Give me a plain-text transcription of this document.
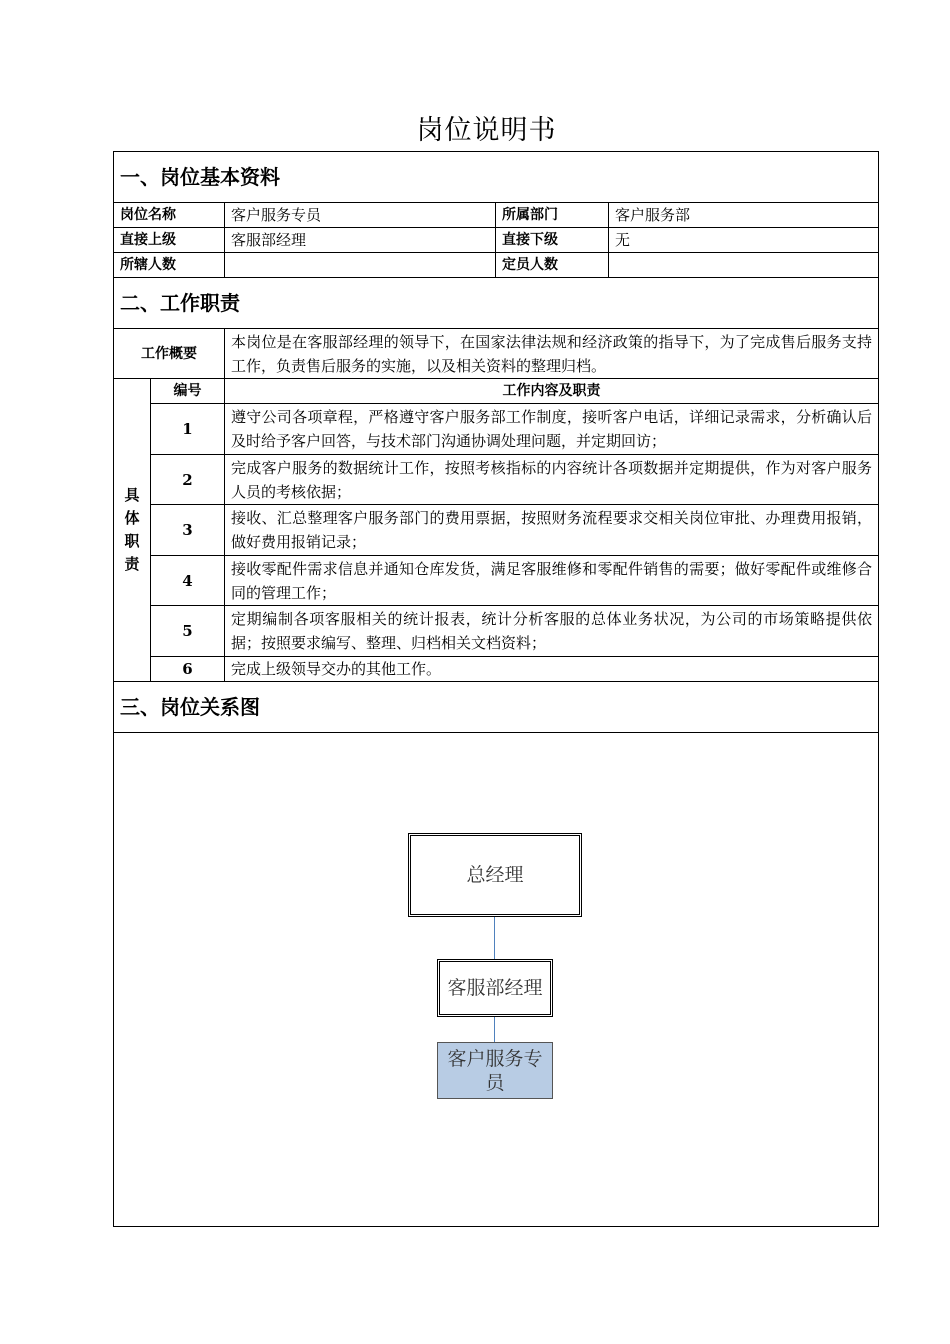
岗位说明书
一、岗位基本资料				
岗位名称		客户服务专员	所属部门	客户服务部
直接上级		客服部经理	直接下级	无
所辖人数			定员人数	
二、工作职责				
工作概要		本岗位是在客服部经理的领导下，在国家法律法规和经济政策的指导下，为了完成售后服务支持工作，负责售后服务的实施，以及相关资料的整理归档。		

具
体
职
责	编号	工作内容及职责		
	1	遵守公司各项章程，严格遵守客户服务部工作制度，接听客户电话，详细记录需求，分析确认后及时给予客户回答，与技术部门沟通协调处理问题，并定期回访；		
	2	完成客户服务的数据统计工作，按照考核指标的内容统计各项数据并定期提供，作为对客户服务人员的考核依据；		
	3	接收、汇总整理客户服务部门的费用票据，按照财务流程要求交相关岗位审批、办理费用报销，做好费用报销记录；		
	4	接收零配件需求信息并通知仓库发货，满足客服维修和零配件销售的需要；做好零配件或维修合同的管理工作；		
	5	定期编制各项客服相关的统计报表，统计分析客服的总体业务状况，为公司的市场策略提供依据；按照要求编写、整理、归档相关文档资料；		
	6	完成上级领导交办的其他工作。		
三、岗位关系图				

总经理
客服部经理
客户服务专员				
